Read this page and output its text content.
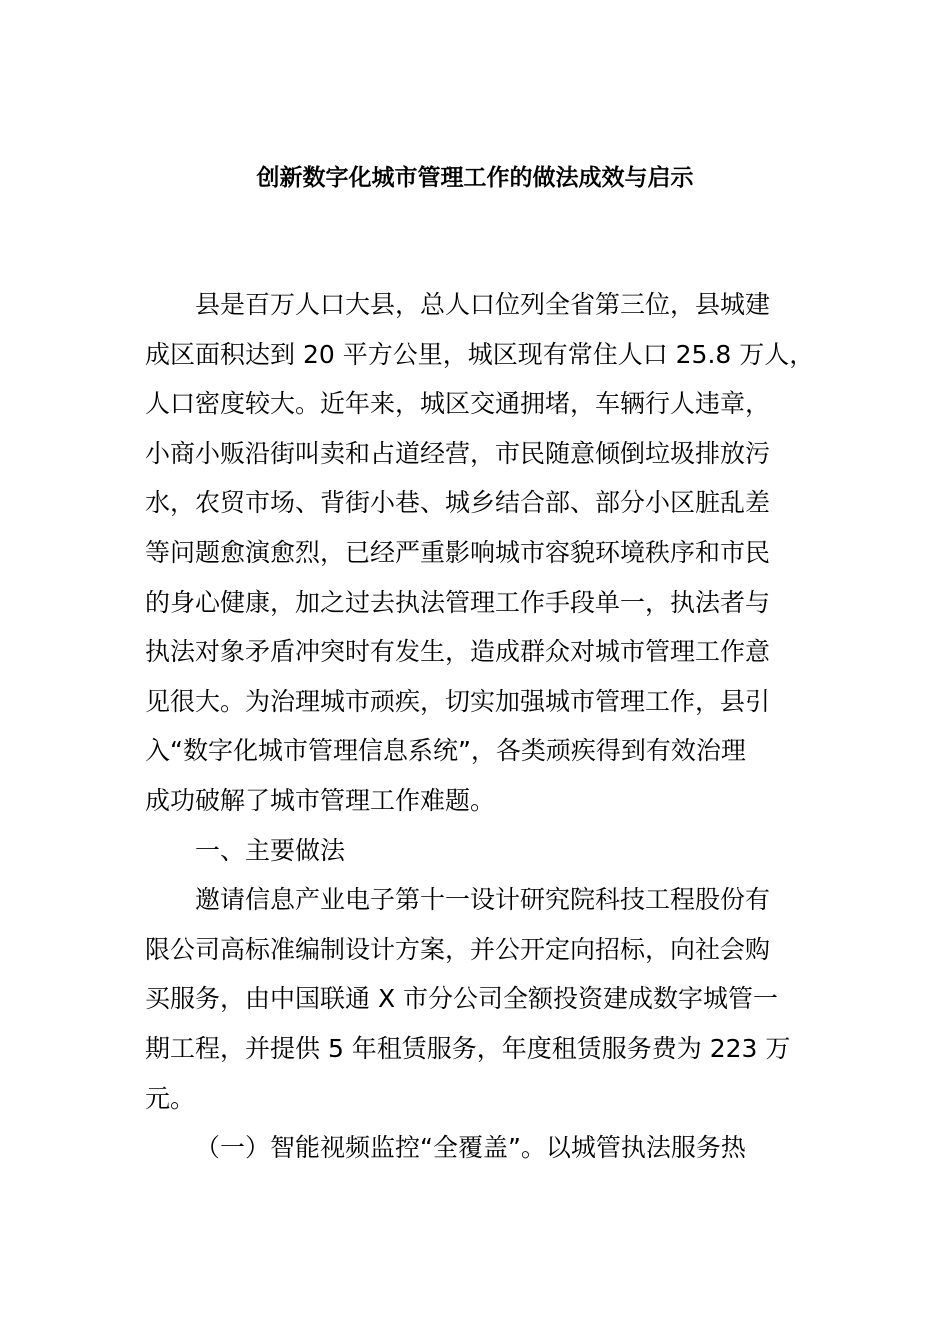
创新数字化城市管理工作的做法成效与启示
县是百万人口大县，总人口位列全省第三位，县城建
成区面积达到 20 平方公里，城区现有常住人口 25.8 万人，
人口密度较大。近年来，城区交通拥堵，车辆行人违章，
小商小贩沿街叫卖和占道经营，市民随意倾倒垃圾排放污
水，农贸市场、背街小巷、城乡结合部、部分小区脏乱差
等问题愈演愈烈，已经严重影响城市容貌环境秩序和市民
的身心健康，加之过去执法管理工作手段单一，执法者与
执法对象矛盾冲突时有发生，造成群众对城市管理工作意
见很大。为治理城市顽疾，切实加强城市管理工作，县引
入“数字化城市管理信息系统”，各类顽疾得到有效治理
成功破解了城市管理工作难题。
一、主要做法
邀请信息产业电子第十一设计研究院科技工程股份有
限公司高标准编制设计方案，并公开定向招标，向社会购
买服务，由中国联通 X 市分公司全额投资建成数字城管一
期工程，并提供 5 年租赁服务，年度租赁服务费为 223 万
元。
（一）智能视频监控“全覆盖”。以城管执法服务热
